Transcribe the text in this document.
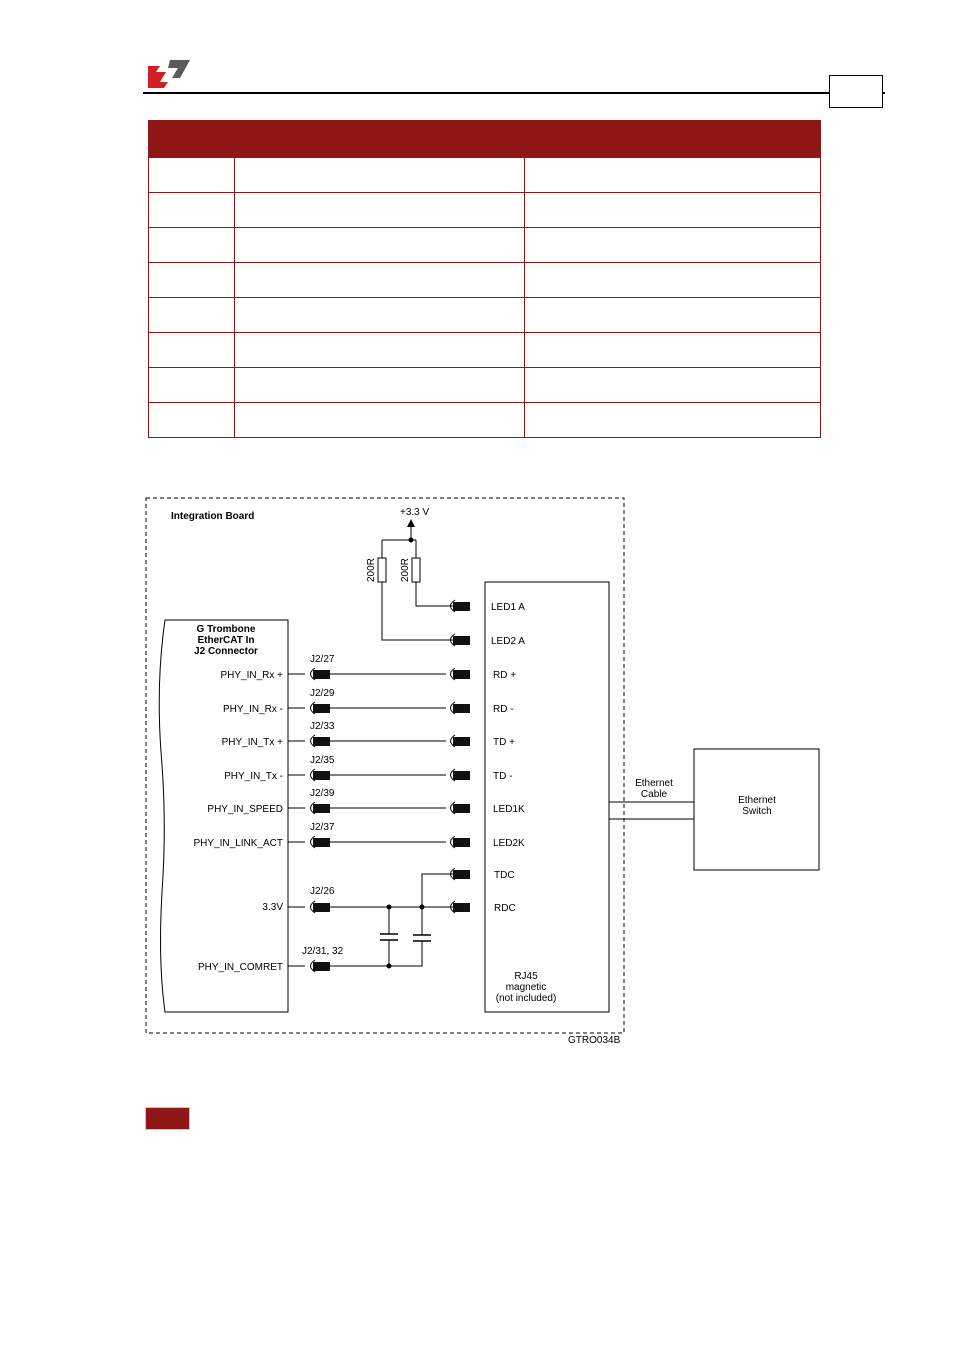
Integration Board	+3.3 V
200R 200R
G Trombone
EtherCAT In
J2 Connector
RJ45
magnetic
(not included)
Ethernet
Switch
Ethernet
Cable
PHY_IN_Rx +
J2/27
RD +
PHY_IN_Rx -
J2/29
RD -
PHY_IN_Tx +
J2/33
TD +
PHY_IN_Tx -
J2/35
TD -
PHY_IN_SPEED
J2/39
LED1K
PHY_IN_LINK_ACT
J2/37
LED2K
LED1 A
LED2 A
TDC
RDC
3.3V
J2/26
PHY_IN_COMRET
J2/31, 32
GTRO034B
